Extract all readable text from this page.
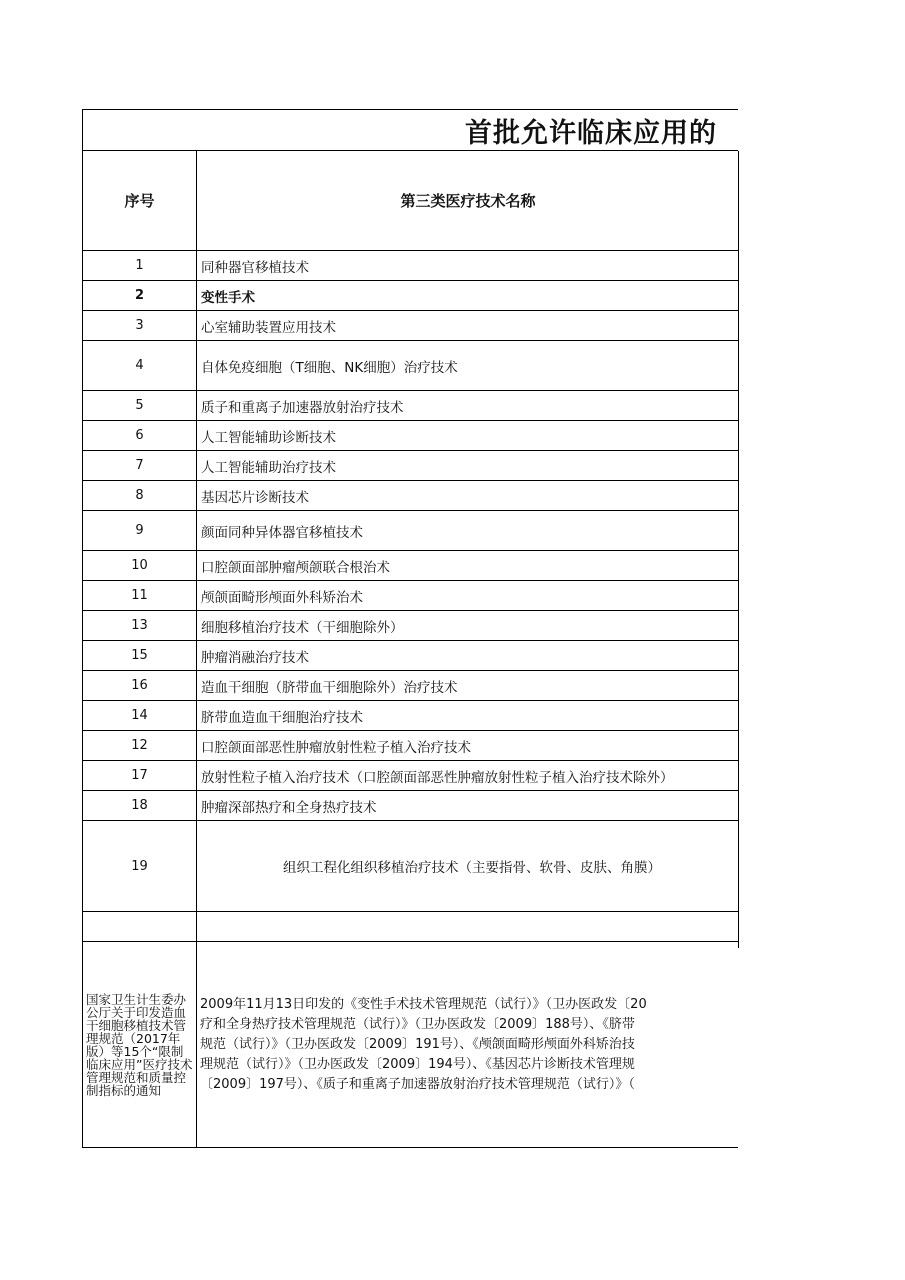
首批允许临床应用的	
序号	第三类医疗技术名称
1	同种器官移植技术
2	变性手术
3	心室辅助装置应用技术
4	自体免疫细胞（T细胞、NK细胞）治疗技术
5	质子和重离子加速器放射治疗技术
6	人工智能辅助诊断技术
7	人工智能辅助治疗技术
8	基因芯片诊断技术
9	颜面同种异体器官移植技术
10	口腔颌面部肿瘤颅颌联合根治术
11	颅颌面畸形颅面外科矫治术
13	细胞移植治疗技术（干细胞除外）
15	肿瘤消融治疗技术
16	造血干细胞（脐带血干细胞除外）治疗技术
14	脐带血造血干细胞治疗技术
12	口腔颌面部恶性肿瘤放射性粒子植入治疗技术
17	放射性粒子植入治疗技术（口腔颌面部恶性肿瘤放射性粒子植入治疗技术除外）
18	肿瘤深部热疗和全身热疗技术
19	组织工程化组织移植治疗技术（主要指骨、软骨、皮肤、角膜）

国家卫生计生委办公厅关于印发造血干细胞移植技术管理规范（2017年版）等15个“限制临床应用”医疗技术管理规范和质量控制指标的通知	2009年11月13日印发的《变性手术技术管理规范（试行）》（卫办医政发〔20
疗和全身热疗技术管理规范（试行）》（卫办医政发〔2009〕188号）、《脐带
规范（试行）》（卫办医政发〔2009〕191号）、《颅颌面畸形颅面外科矫治技
理规范（试行）》（卫办医政发〔2009〕194号）、《基因芯片诊断技术管理规
〔2009〕197号）、《质子和重离子加速器放射治疗技术管理规范（试行）》（
